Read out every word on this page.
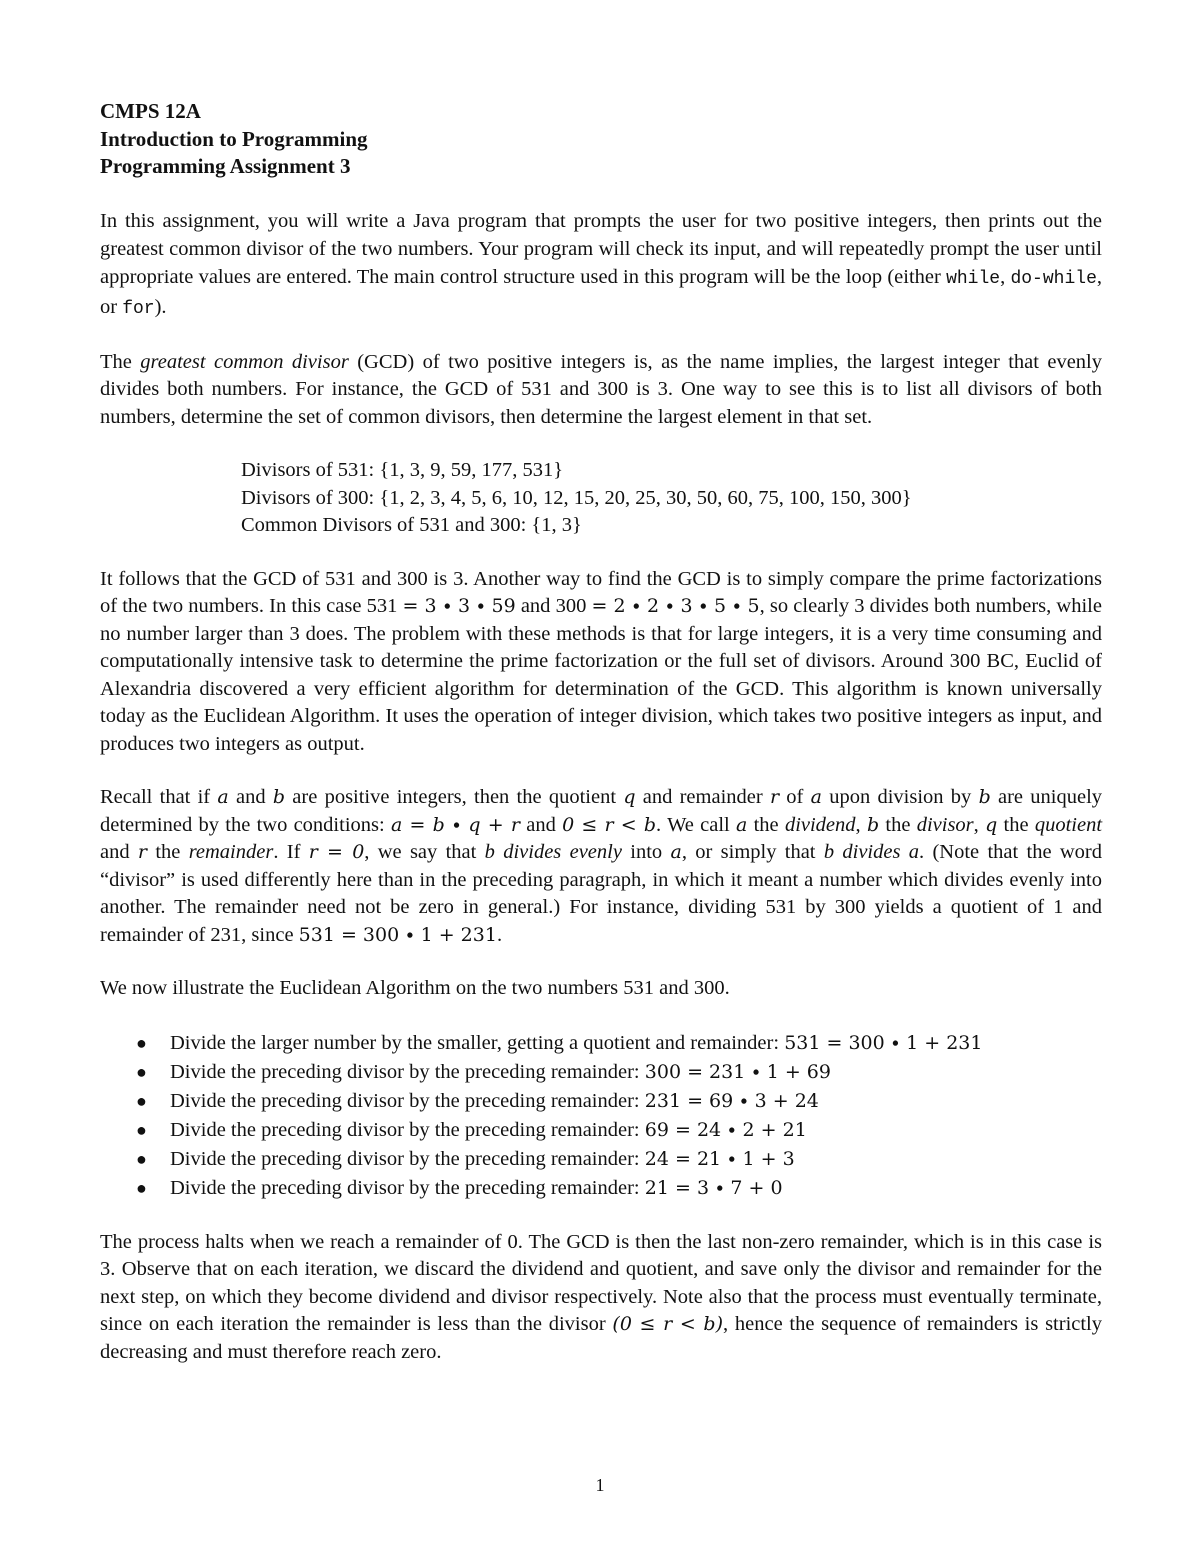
CMPS 12A
Introduction to Programming
Programming Assignment 3

In this assignment, you will write a Java program that prompts the user for two positive integers, then prints out the greatest common divisor of the two numbers. Your program will check its input, and will repeatedly prompt the user until appropriate values are entered. The main control structure used in this program will be the loop (either while, do-while, or for).

The greatest common divisor (GCD) of two positive integers is, as the name implies, the largest integer that evenly divides both numbers. For instance, the GCD of 531 and 300 is 3. One way to see this is to list all divisors of both numbers, determine the set of common divisors, then determine the largest element in that set.

Divisors of 531: {1, 3, 9, 59, 177, 531}
Divisors of 300: {1, 2, 3, 4, 5, 6, 10, 12, 15, 20, 25, 30, 50, 60, 75, 100, 150, 300}
Common Divisors of 531 and 300: {1, 3}

It follows that the GCD of 531 and 300 is 3. Another way to find the GCD is to simply compare the prime factorizations of the two numbers. In this case 531 = 3 ∙ 3 ∙ 59 and 300 = 2 ∙ 2 ∙ 3 ∙ 5 ∙ 5, so clearly 3 divides both numbers, while no number larger than 3 does. The problem with these methods is that for large integers, it is a very time consuming and computationally intensive task to determine the prime factorization or the full set of divisors. Around 300 BC, Euclid of Alexandria discovered a very efficient algorithm for determination of the GCD. This algorithm is known universally today as the Euclidean Algorithm. It uses the operation of integer division, which takes two positive integers as input, and produces two integers as output.

Recall that if a and b are positive integers, then the quotient q and remainder r of a upon division by b are uniquely determined by the two conditions: a = b ∙ q + r and 0 ≤ r < b. We call a the dividend, b the divisor, q the quotient and r the remainder. If r = 0, we say that b divides evenly into a, or simply that b divides a. (Note that the word “divisor” is used differently here than in the preceding paragraph, in which it meant a number which divides evenly into another. The remainder need not be zero in general.) For instance, dividing 531 by 300 yields a quotient of 1 and remainder of 231, since 531 = 300 ∙ 1 + 231.

We now illustrate the Euclidean Algorithm on the two numbers 531 and 300.

● Divide the larger number by the smaller, getting a quotient and remainder: 531 = 300 ∙ 1 + 231
● Divide the preceding divisor by the preceding remainder: 300 = 231 ∙ 1 + 69
● Divide the preceding divisor by the preceding remainder: 231 = 69 ∙ 3 + 24
● Divide the preceding divisor by the preceding remainder: 69 = 24 ∙ 2 + 21
● Divide the preceding divisor by the preceding remainder: 24 = 21 ∙ 1 + 3
● Divide the preceding divisor by the preceding remainder: 21 = 3 ∙ 7 + 0

The process halts when we reach a remainder of 0. The GCD is then the last non-zero remainder, which is in this case is 3. Observe that on each iteration, we discard the dividend and quotient, and save only the divisor and remainder for the next step, on which they become dividend and divisor respectively. Note also that the process must eventually terminate, since on each iteration the remainder is less than the divisor (0 ≤ r < b), hence the sequence of remainders is strictly decreasing and must therefore reach zero.

1
